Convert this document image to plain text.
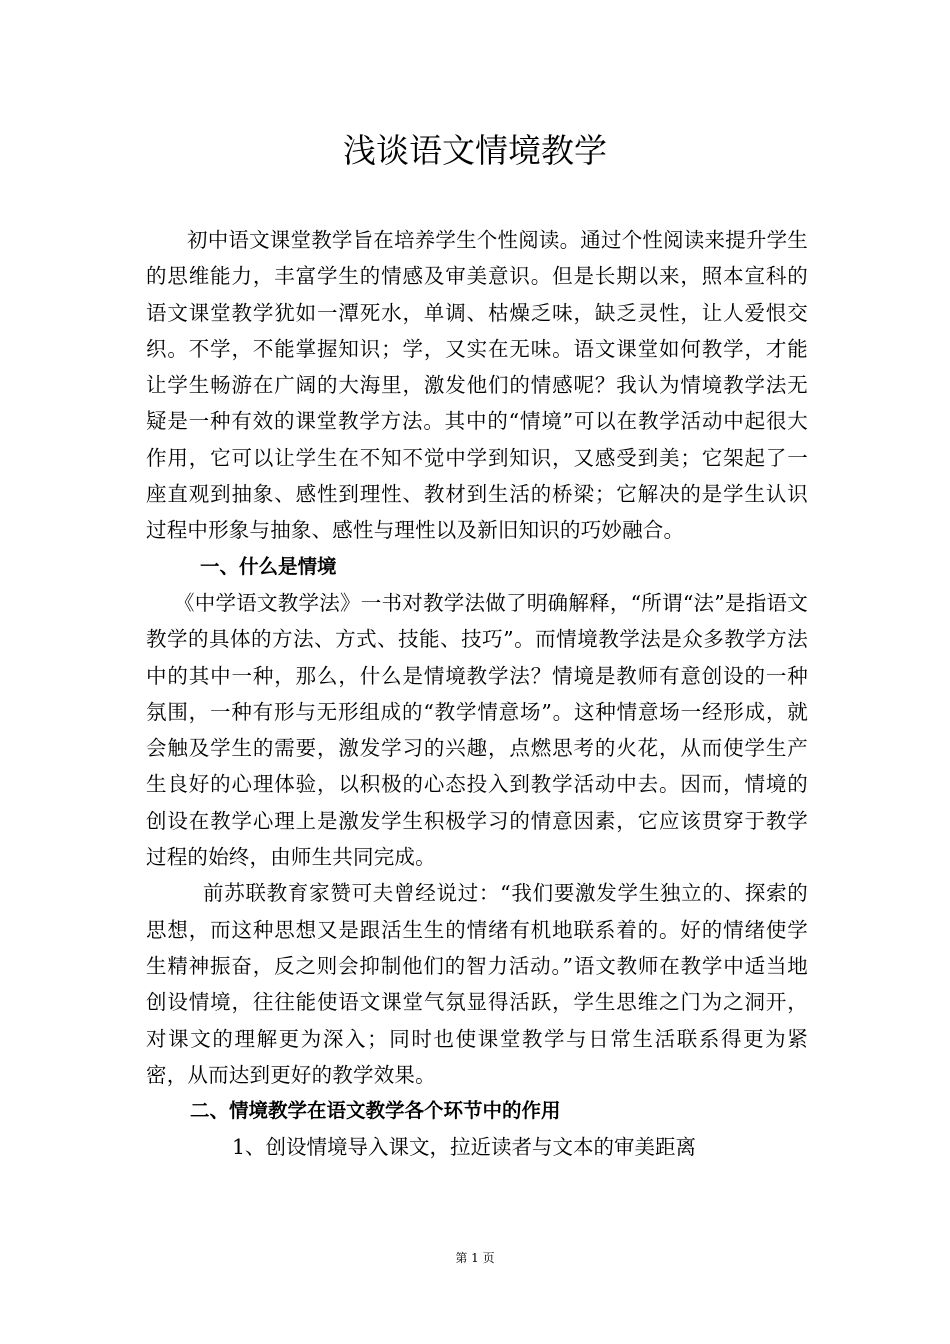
浅谈语文情境教学

初中语文课堂教学旨在培养学生个性阅读。通过个性阅读来提升学生的思维能力，丰富学生的情感及审美意识。但是长期以来，照本宣科的语文课堂教学犹如一潭死水，单调、枯燥乏味，缺乏灵性，让人爱恨交织。不学，不能掌握知识；学，又实在无味。语文课堂如何教学，才能让学生畅游在广阔的大海里，激发他们的情感呢？我认为情境教学法无疑是一种有效的课堂教学方法。其中的“情境”可以在教学活动中起很大作用，它可以让学生在不知不觉中学到知识，又感受到美；它架起了一座直观到抽象、感性到理性、教材到生活的桥梁；它解决的是学生认识过程中形象与抽象、感性与理性以及新旧知识的巧妙融合。

一、什么是情境

《中学语文教学法》一书对教学法做了明确解释，“所谓“法”是指语文教学的具体的方法、方式、技能、技巧”。而情境教学法是众多教学方法中的其中一种，那么，什么是情境教学法？情境是教师有意创设的一种氛围，一种有形与无形组成的“教学情意场”。这种情意场一经形成，就会触及学生的需要，激发学习的兴趣，点燃思考的火花，从而使学生产生良好的心理体验，以积极的心态投入到教学活动中去。因而，情境的创设在教学心理上是激发学生积极学习的情意因素，它应该贯穿于教学过程的始终，由师生共同完成。

前苏联教育家赞可夫曾经说过：“我们要激发学生独立的、探索的思想，而这种思想又是跟活生生的情绪有机地联系着的。好的情绪使学生精神振奋，反之则会抑制他们的智力活动。”语文教师在教学中适当地创设情境，往往能使语文课堂气氛显得活跃，学生思维之门为之洞开，对课文的理解更为深入；同时也使课堂教学与日常生活联系得更为紧密，从而达到更好的教学效果。

二、情境教学在语文教学各个环节中的作用

1、创设情境导入课文，拉近读者与文本的审美距离

第 1 页
